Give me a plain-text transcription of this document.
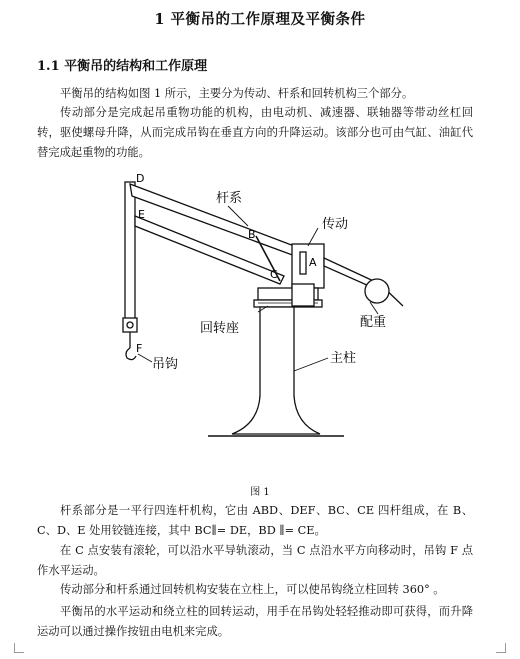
1 平衡吊的工作原理及平衡条件
1.1 平衡吊的结构和工作原理
平衡吊的结构如图 1 所示，主要分为传动、杆系和回转机构三个部分。
传动部分是完成起吊重物功能的机构，由电动机、减速器、联轴器等带动丝杠回转，驱使螺母升降，从而完成吊钩在垂直方向的升降运动。该部分也可由气缸、油缸代替完成起重物的功能。
D
E
B
C
A
F
杆系
传动
配重
回转座
主柱
吊钩
图 1
杆系部分是一平行四连杆机构，它由 ABD、DEF、BC、CE 四杆组成，在 B、C、D、E 处用铰链连接，其中 BC∥= DE，BD ∥= CE。
在 C 点安装有滚轮，可以沿水平导轨滚动，当 C 点沿水平方向移动时，吊钩 F 点作水平运动。
传动部分和杆系通过回转机构安装在立柱上，可以使吊钩绕立柱回转 360° 。
平衡吊的水平运动和绕立柱的回转运动，用手在吊钩处轻轻推动即可获得，而升降运动可以通过操作按钮由电机来完成。
